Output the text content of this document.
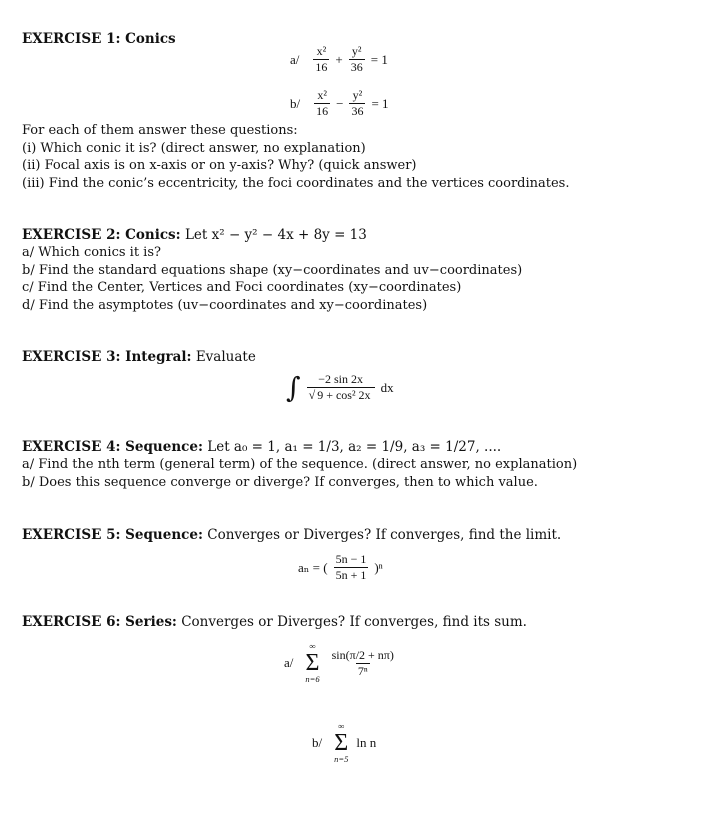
EXERCISE 1: Conics
$a/ \frac{\text{x²}}{16} + \frac{\text{y²}}{36} = 1$
$b/ \frac{\text{x²}}{16} - \frac{\text{y²}}{36} = 1$
For each of them answer these questions:
(i) Which conic it is? (direct answer, no explanation)
(ii) Focal axis is on x-axis or on y-axis? Why? (quick answer)
(iii) Find the conic’s eccentricity, the foci coordinates and the vertices coordinates.
EXERCISE 2: Conics: Let x² − y² − 4x + 8y = 13
a/ Which conics it is?
b/ Find the standard equations shape (xy−coordinates and uv−coordinates)
c/ Find the Center, Vertices and Foci coordinates (xy−coordinates)
d/ Find the asymptotes (uv−coordinates and xy−coordinates)
EXERCISE 3: Integral: Evaluate
∫ $\frac{-2 \sin 2x}{\text{√ 9 + cos² 2x}}$ dx
EXERCISE 4: Sequence: Let a₀ = 1, a₁ = 1/3, a₂ = 1/9, a₃ = 1/27, ....
a/ Find the nth term (general term) of the sequence. (direct answer, no explanation)
b/ Does this sequence converge or diverge? If converges, then to which value.
EXERCISE 5: Sequence: Converges or Diverges? If converges, find the limit.
aₙ = ( $\frac{5n - 1}{5n + 1} )^n$
EXERCISE 6: Series: Converges or Diverges? If converges, find its sum.
a/
∞
Σ
n=6
$\frac{\sin(\pi/2 + n\pi)}{\text{7ⁿ}}$
b/
∞
Σ
n=5
ln n
